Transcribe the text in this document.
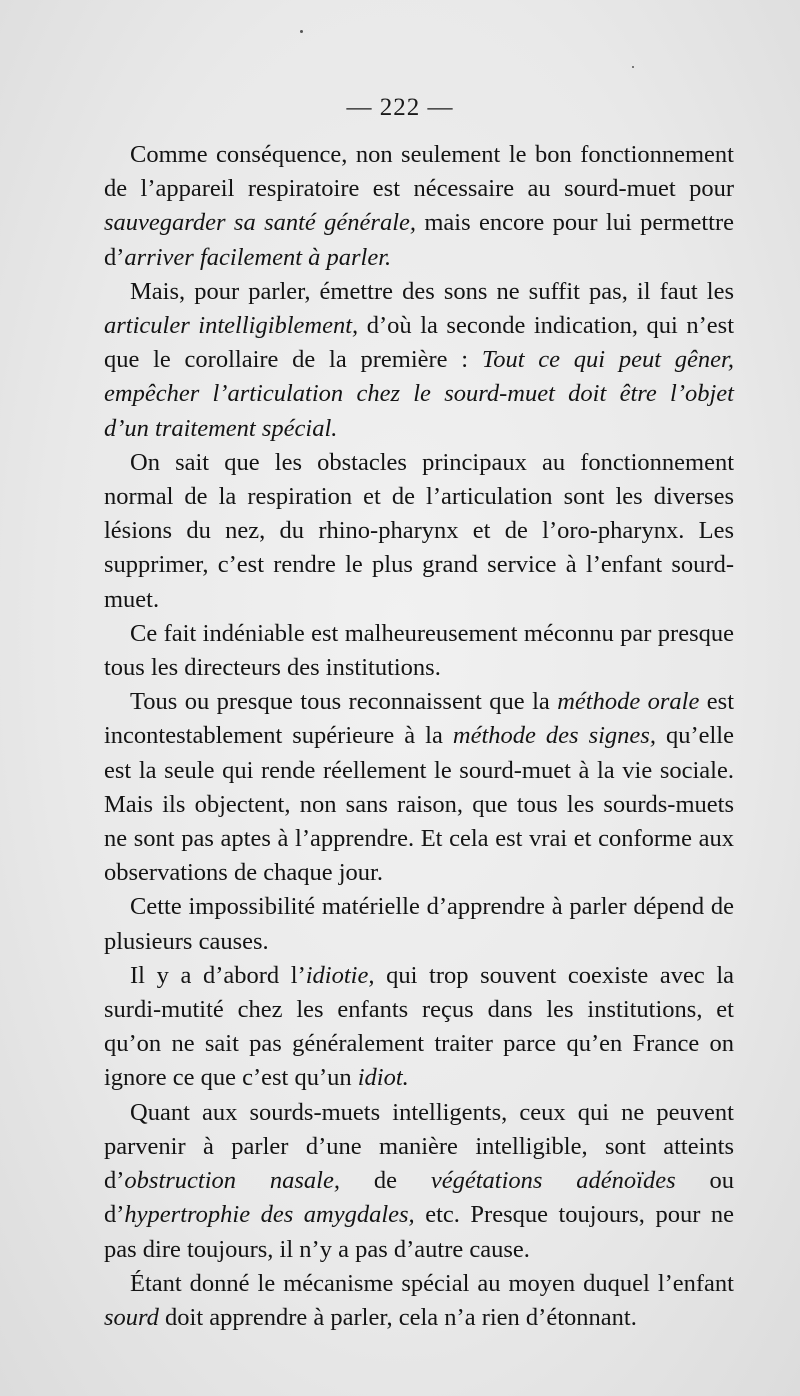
— 222 —

Comme conséquence, non seulement le bon fonctionnement de l’appareil respiratoire est nécessaire au sourd-muet pour sauvegarder sa santé générale, mais encore pour lui permettre d’arriver facilement à parler.

Mais, pour parler, émettre des sons ne suffit pas, il faut les articuler intelligiblement, d’où la seconde indication, qui n’est que le corollaire de la première : Tout ce qui peut gêner, empêcher l’articulation chez le sourd-muet doit être l’objet d’un traitement spécial.

On sait que les obstacles principaux au fonctionnement normal de la respiration et de l’articulation sont les diverses lésions du nez, du rhino-pharynx et de l’oro-pharynx. Les supprimer, c’est rendre le plus grand service à l’enfant sourd-muet.

Ce fait indéniable est malheureusement méconnu par presque tous les directeurs des institutions.

Tous ou presque tous reconnaissent que la méthode orale est incontestablement supérieure à la méthode des signes, qu’elle est la seule qui rende réellement le sourd-muet à la vie sociale. Mais ils objectent, non sans raison, que tous les sourds-muets ne sont pas aptes à l’apprendre. Et cela est vrai et conforme aux observations de chaque jour.

Cette impossibilité matérielle d’apprendre à parler dépend de plusieurs causes.

Il y a d’abord l’idiotie, qui trop souvent coexiste avec la surdi-mutité chez les enfants reçus dans les institutions, et qu’on ne sait pas généralement traiter parce qu’en France on ignore ce que c’est qu’un idiot.

Quant aux sourds-muets intelligents, ceux qui ne peuvent parvenir à parler d’une manière intelligible, sont atteints d’obstruction nasale, de végétations adénoïdes ou d’hypertrophie des amygdales, etc. Presque toujours, pour ne pas dire toujours, il n’y a pas d’autre cause.

Étant donné le mécanisme spécial au moyen duquel l’enfant sourd doit apprendre à parler, cela n’a rien d’étonnant.
